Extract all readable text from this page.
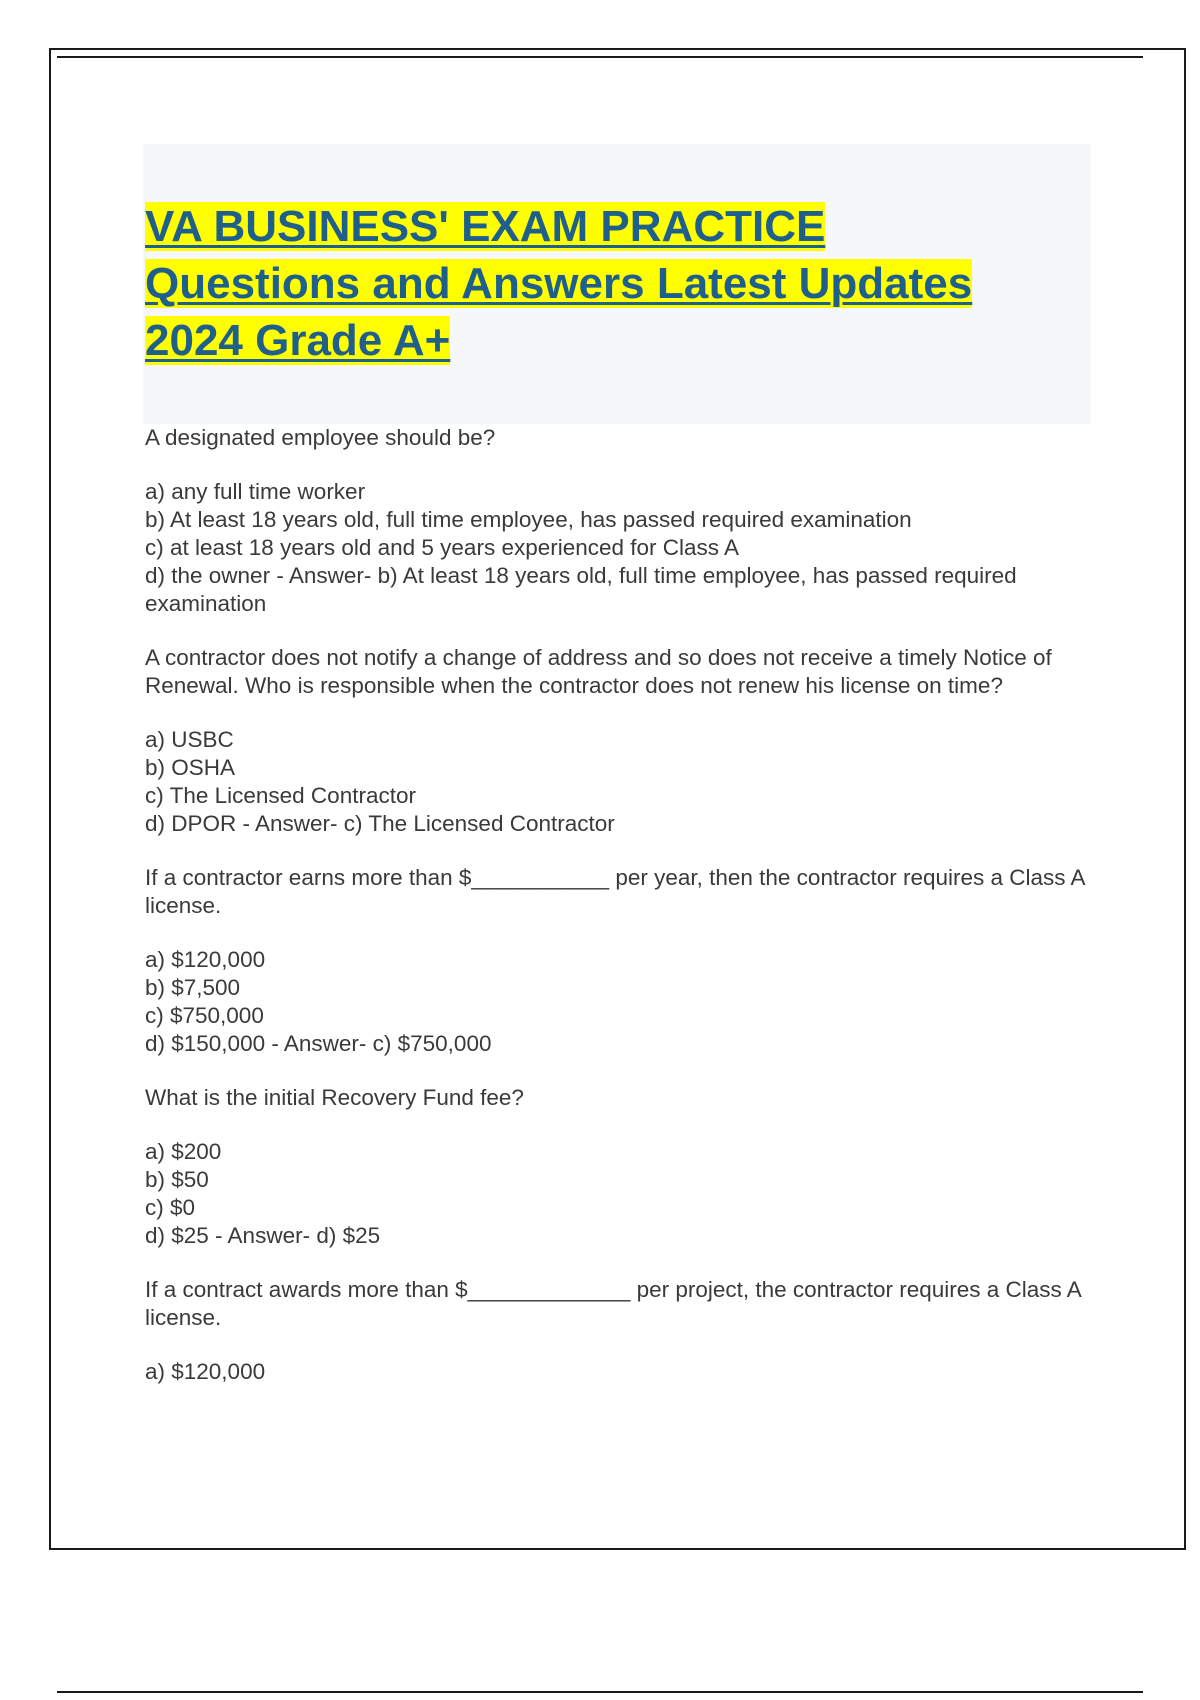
VA BUSINESS' EXAM PRACTICE
Questions and Answers Latest Updates
2024 Grade A+

A designated employee should be?

a) any full time worker

b) At least 18 years old, full time employee, has passed required examination

c) at least 18 years old and 5 years experienced for Class A

d) the owner - Answer- b) At least 18 years old, full time employee, has passed required examination

A contractor does not notify a change of address and so does not receive a timely Notice of Renewal. Who is responsible when the contractor does not renew his license on time?

a) USBC

b) OSHA

c) The Licensed Contractor

d) DPOR - Answer- c) The Licensed Contractor

If a contractor earns more than $___________ per year, then the contractor requires a Class A license.

a) $120,000

b) $7,500

c) $750,000

d) $150,000 - Answer- c) $750,000

What is the initial Recovery Fund fee?

a) $200

b) $50

c) $0

d) $25 - Answer- d) $25

If a contract awards more than $_____________ per project, the contractor requires a Class A license.

a) $120,000
